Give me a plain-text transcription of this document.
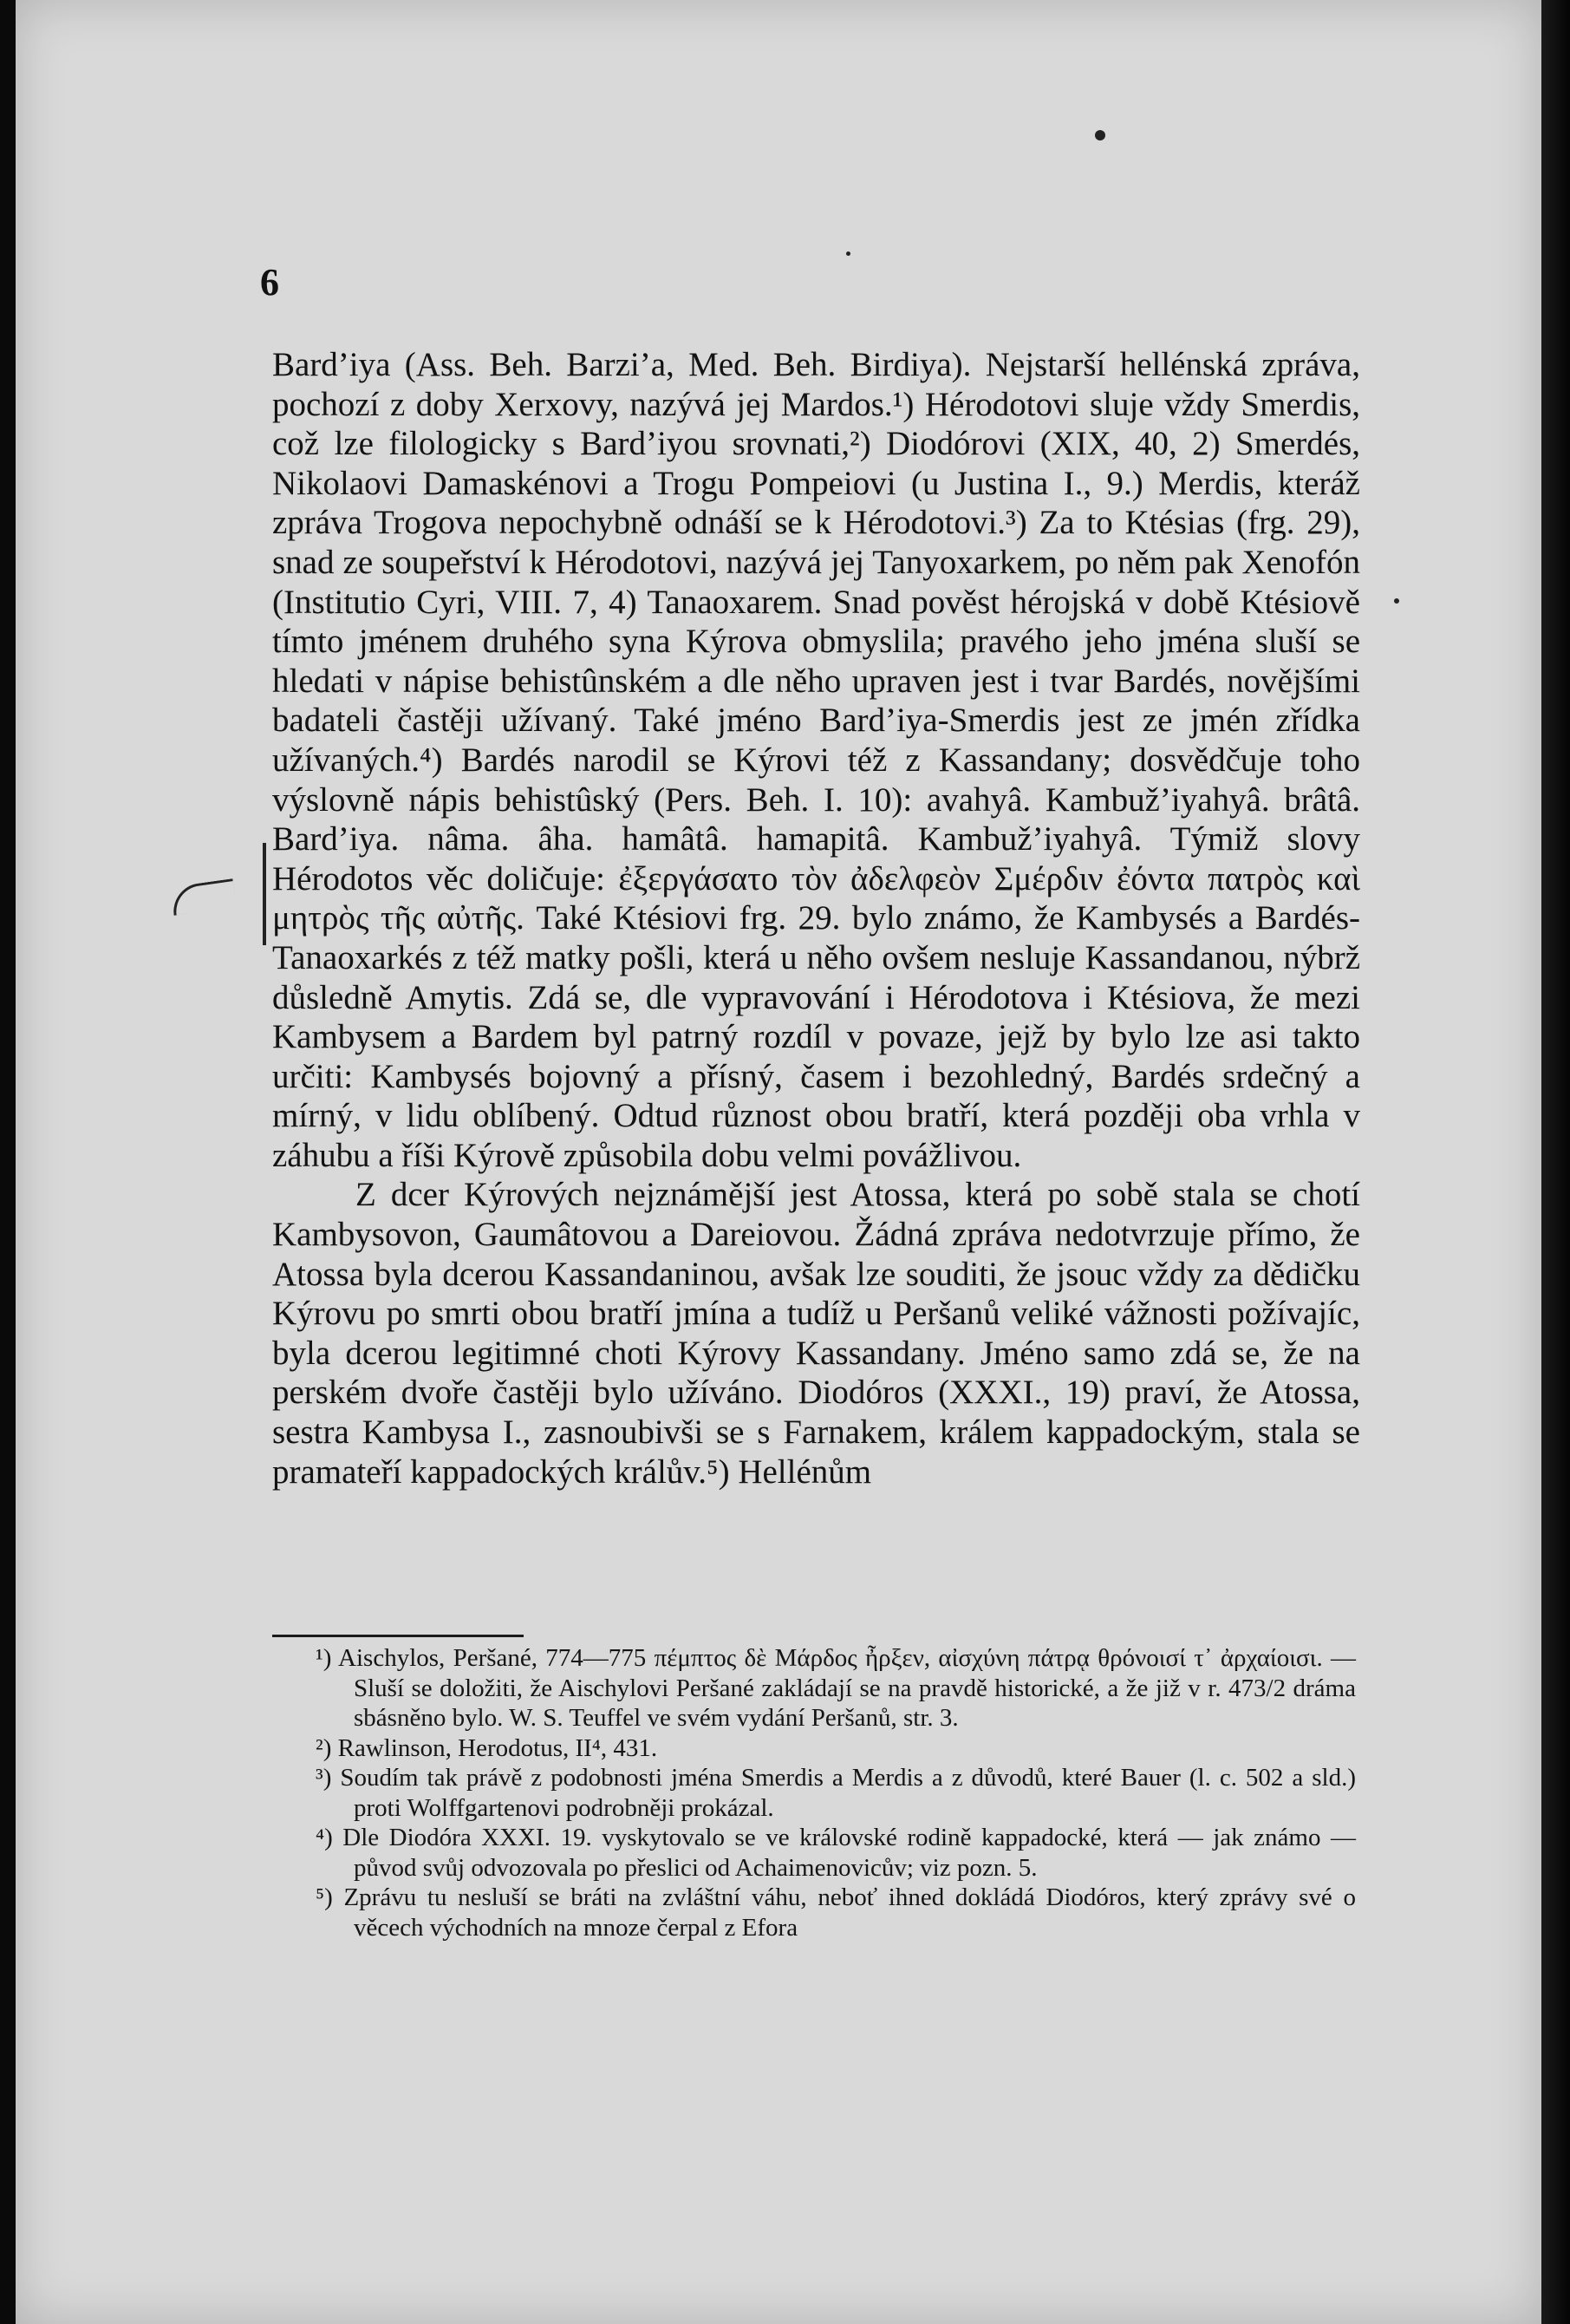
6

Bard’iya (Ass. Beh. Barzi’a, Med. Beh. Birdiya). Nejstarší hellénská zpráva, pochozí z doby Xerxovy, nazývá jej Mardos.¹) Hérodotovi sluje vždy Smerdis, což lze filologicky s Bard’iyou srovnati,²) Diodórovi (XIX, 40, 2) Smerdés, Nikolaovi Damaskénovi a Trogu Pompeiovi (u Justina I., 9.) Merdis, kteráž zpráva Trogova nepochybně odnáší se k Hérodotovi.³) Za to Ktésias (frg. 29), snad ze soupeřství k Hérodotovi, nazývá jej Tanyoxarkem, po něm pak Xenofón (Institutio Cyri, VIII. 7, 4) Tanaoxarem. Snad pověst hérojská v době Ktésiově tímto jménem druhého syna Kýrova obmyslila; pravého jeho jména sluší se hledati v nápise behistûnském a dle něho upraven jest i tvar Bardés, novějšími badateli častěji užívaný. Také jméno Bard’iya-Smerdis jest ze jmén zřídka užívaných.⁴) Bardés narodil se Kýrovi též z Kassandany; dosvědčuje toho výslovně nápis behistûský (Pers. Beh. I. 10): avahyâ. Kambuž’iyahyâ. brâtâ. Bard’iya. nâma. âha. hamâtâ. hamapitâ. Kambuž’iyahyâ. Týmiž slovy Hérodotos věc doličuje: ἐξεργάσατο τὸν ἀδελφεὸν Σμέρδιν ἐόντα πατρὸς καὶ μητρὸς τῆς αὐτῆς. Také Ktésiovi frg. 29. bylo známo, že Kambysés a Bardés-Tanaoxarkés z též matky pošli, která u něho ovšem nesluje Kassandanou, nýbrž důsledně Amytis. Zdá se, dle vypravování i Hérodotova i Ktésiova, že mezi Kambysem a Bardem byl patrný rozdíl v povaze, jejž by bylo lze asi takto určiti: Kambysés bojovný a přísný, časem i bezohledný, Bardés srdečný a mírný, v lidu oblíbený. Odtud různost obou bratří, která později oba vrhla v záhubu a říši Kýrově způsobila dobu velmi povážlivou.

Z dcer Kýrových nejznámější jest Atossa, která po sobě stala se chotí Kambysovon, Gaumâtovou a Dareiovou. Žádná zpráva nedotvrzuje přímo, že Atossa byla dcerou Kassandaninou, avšak lze souditi, že jsouc vždy za dědičku Kýrovu po smrti obou bratří jmína a tudíž u Peršanů veliké vážnosti požívajíc, byla dcerou legitimné choti Kýrovy Kassandany. Jméno samo zdá se, že na perském dvoře častěji bylo užíváno. Diodóros (XXXI., 19) praví, že Atossa, sestra Kambysa I., zasnoubivši se s Farnakem, králem kappadockým, stala se pramateří kappadockých králův.⁵) Hellénům

¹) Aischylos, Peršané, 774—775 πέμπτος δὲ Μάρδος ἦρξεν, αἰσχύνη πάτρᾳ θρόνοισί τ᾿ ἀρχαίοισι. — Sluší se doložiti, že Aischylovi Peršané zakládají se na pravdě historické, a že již v r. 473/2 dráma sbásněno bylo. W. S. Teuffel ve svém vydání Peršanů, str. 3.

²) Rawlinson, Herodotus, II⁴, 431.

³) Soudím tak právě z podobnosti jména Smerdis a Merdis a z důvodů, které Bauer (l. c. 502 a sld.) proti Wolffgartenovi podrobněji prokázal.

⁴) Dle Diodóra XXXI. 19. vyskytovalo se ve královské rodině kappadocké, která — jak známo — původ svůj odvozovala po přeslici od Achaimenovicův; viz pozn. 5.

⁵) Zprávu tu nesluší se bráti na zvláštní váhu, neboť ihned dokládá Diodóros, který zprávy své o věcech východních na mnoze čerpal z Efora
